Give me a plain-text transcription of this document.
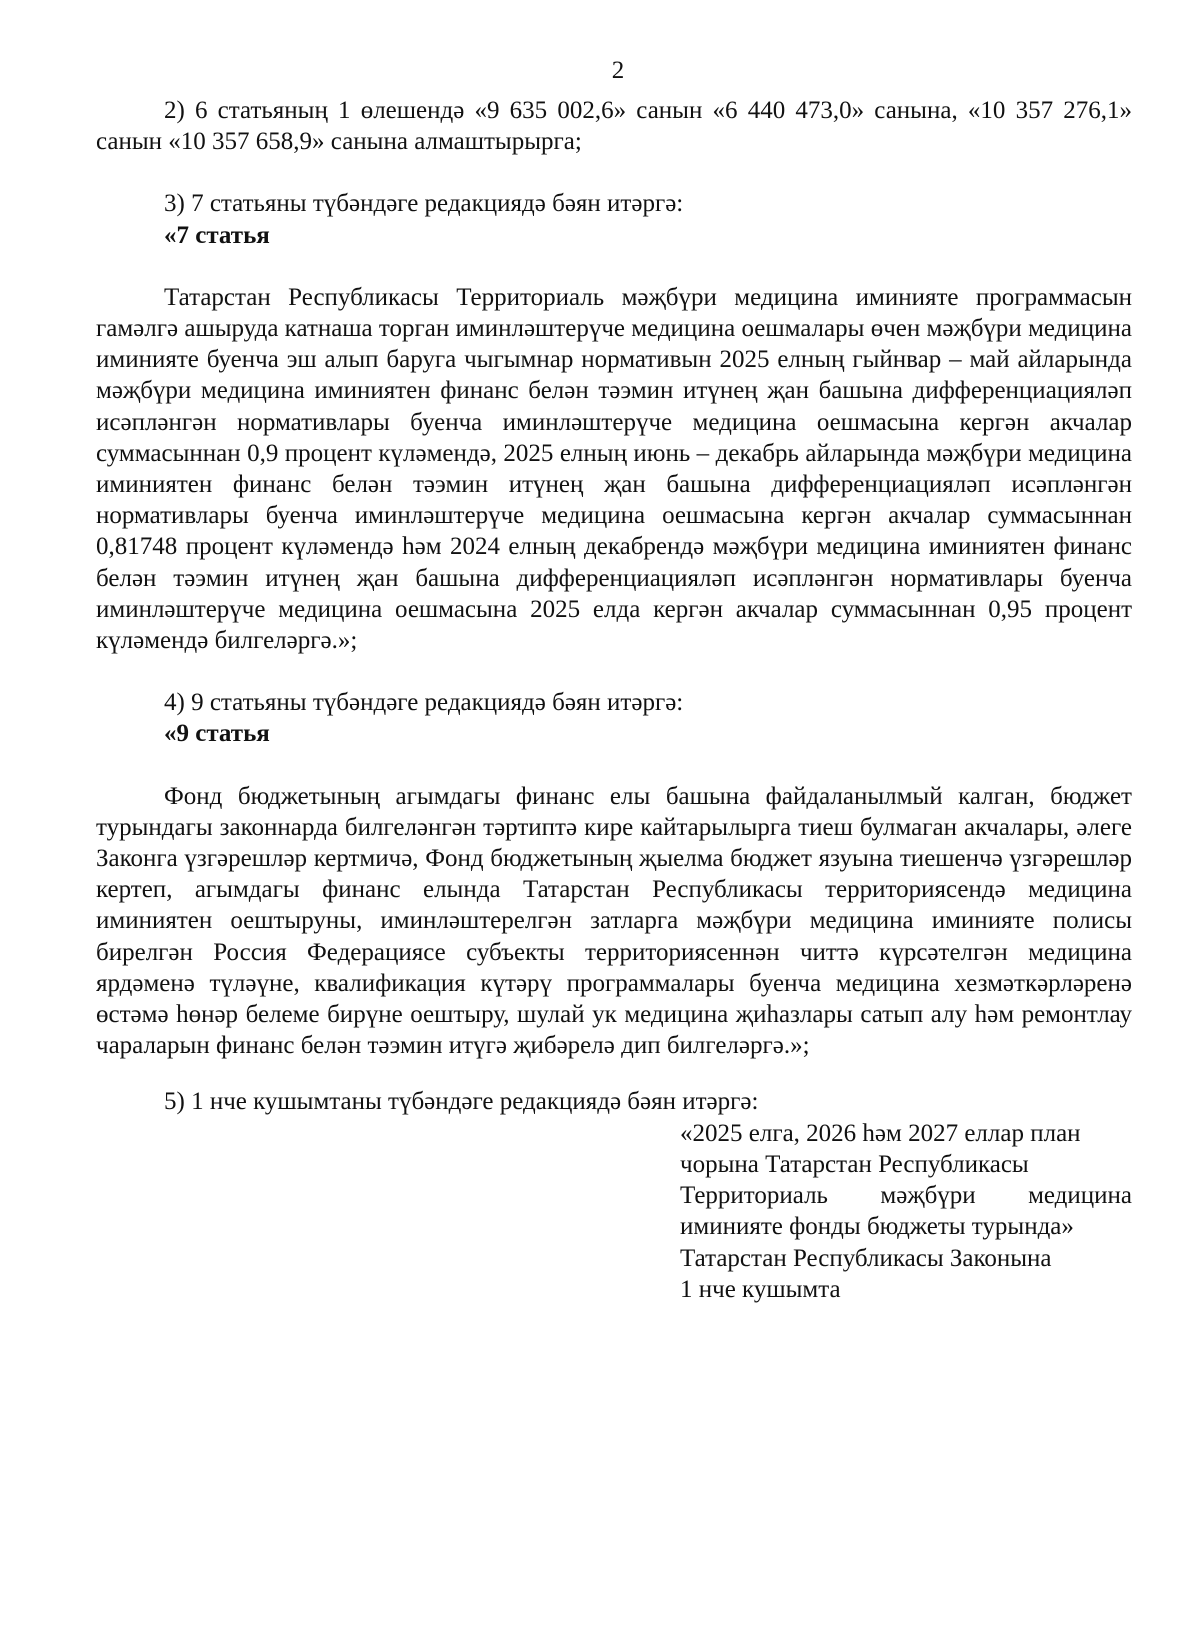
2

2) 6 статьяның 1 өлешендә «9 635 002,6» санын «6 440 473,0» санына, «10 357 276,1» санын «10 357 658,9» санына алмаштырырга;

3) 7 статьяны түбәндәге редакциядә бәян итәргә:

«7 статья

Татарстан Республикасы Территориаль мәҗбүри медицина иминияте программасын гамәлгә ашыруда катнаша торган иминләштерүче медицина оешмалары өчен мәҗбүри медицина иминияте буенча эш алып баруга чыгымнар нормативын 2025 елның гыйнвар – май айларында мәҗбүри медицина иминиятен финанс белән тәэмин итүнең җан башына дифференциацияләп исәпләнгән нормативлары буенча иминләштерүче медицина оешмасына кергән акчалар суммасыннан 0,9 процент күләмендә, 2025 елның июнь – декабрь айларында мәҗбүри медицина иминиятен финанс белән тәэмин итүнең җан башына дифференциацияләп исәпләнгән нормативлары буенча иминләштерүче медицина оешмасына кергән акчалар суммасыннан 0,81748 процент күләмендә һәм 2024 елның декабрендә мәҗбүри медицина иминиятен финанс белән тәэмин итүнең җан башына дифференциацияләп исәпләнгән нормативлары буенча иминләштерүче медицина оешмасына 2025 елда кергән акчалар суммасыннан 0,95 процент күләмендә билгеләргә.»;

4) 9 статьяны түбәндәге редакциядә бәян итәргә:

«9 статья

Фонд бюджетының агымдагы финанс елы башына файдаланылмый калган, бюджет турындагы законнарда билгеләнгән тәртиптә кире кайтарылырга тиеш булмаган акчалары, әлеге Законга үзгәрешләр кертмичә, Фонд бюджетының җыелма бюджет язуына тиешенчә үзгәрешләр кертеп, агымдагы финанс елында Татарстан Республикасы территориясендә медицина иминиятен оештыруны, иминләштерелгән затларга мәҗбүри медицина иминияте полисы бирелгән Россия Федерациясе субъекты территориясеннән читтә күрсәтелгән медицина ярдәменә түләүне, квалификация күтәрү программалары буенча медицина хезмәткәрләренә өстәмә һөнәр белеме бирүне оештыру, шулай ук медицина җиһазлары сатып алу һәм ремонтлау чараларын финанс белән тәэмин итүгә җибәрелә дип билгеләргә.»;

5) 1 нче кушымтаны түбәндәге редакциядә бәян итәргә:

«2025 елга, 2026 һәм 2027 еллар план
чорына Татарстан Республикасы
Территориаль мәҗбүри медицина
иминияте фонды бюджеты турында»
Татарстан Республикасы Законына
1 нче кушымта
